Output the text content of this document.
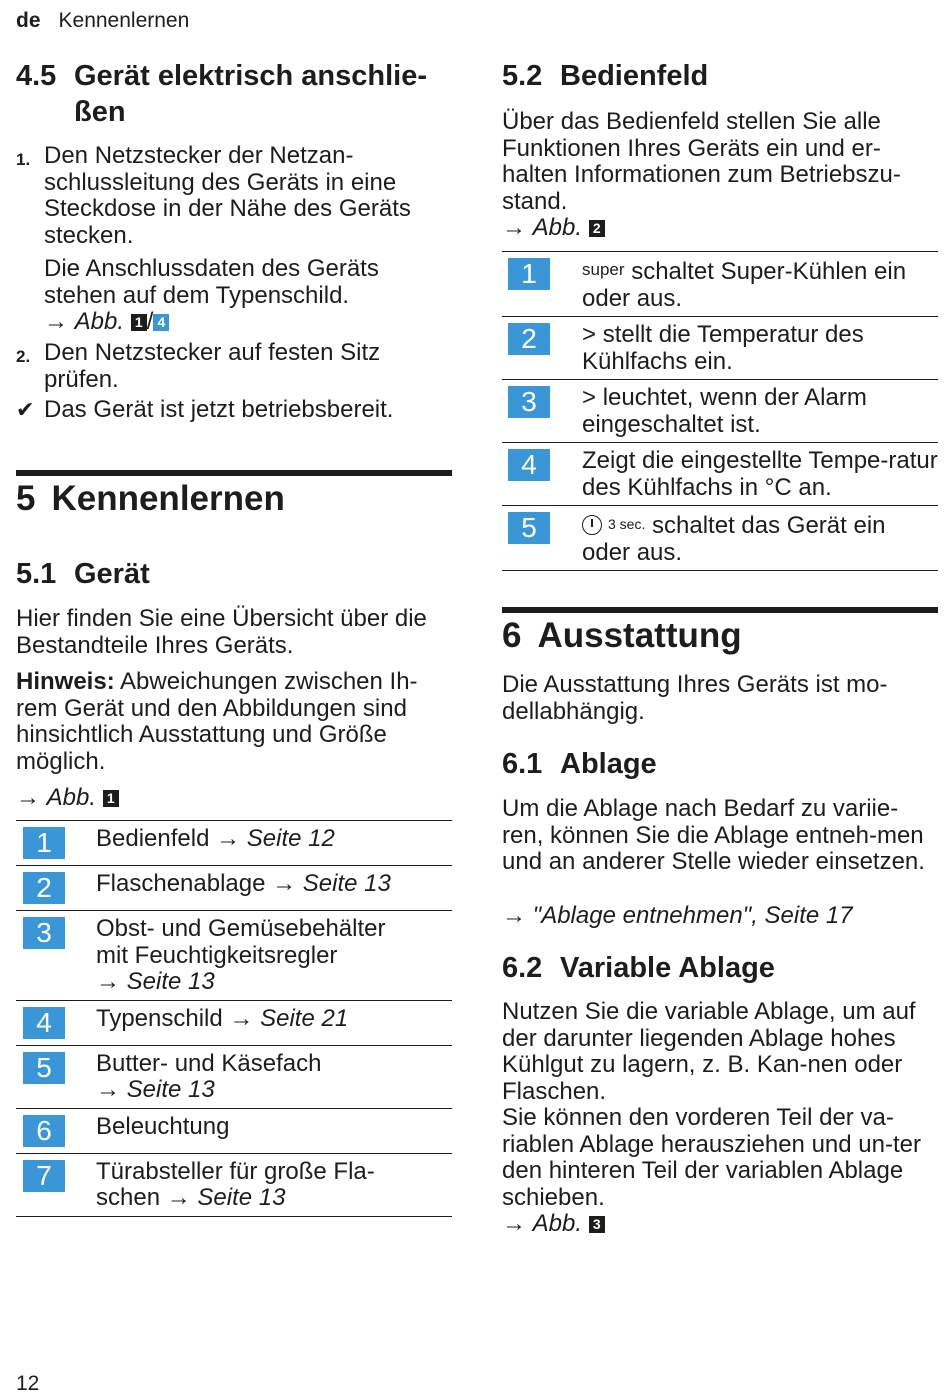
de Kennenlernen
4.5 Gerät elektrisch anschlie-
ßen
1. Den Netzstecker der Netzan-schlussleitung des Geräts in eine Steckdose in der Nähe des Geräts stecken.
Die Anschlussdaten des Geräts stehen auf dem Typenschild.
→ Abb. 1 / 4
2. Den Netzstecker auf festen Sitz prüfen.
✔ Das Gerät ist jetzt betriebsbereit.
5 Kennenlernen
5.1 Gerät

Hier finden Sie eine Übersicht über die Bestandteile Ihres Geräts.

Hinweis: Abweichungen zwischen Ih-rem Gerät und den Abbildungen sind hinsichtlich Ausstattung und Größe möglich.

→ Abb. 1

1	Bedienfeld → Seite 12

2	Flaschenablage → Seite 13

3	Obst- und Gemüsebehälter mit Feuchtigkeitsregler
→ Seite 13

4	Typenschild → Seite 21

5	Butter- und Käsefach
→ Seite 13

6	Beleuchtung

7	Türabsteller für große Fla-schen → Seite 13
5.2 Bedienfeld

Über das Bedienfeld stellen Sie alle Funktionen Ihres Geräts ein und er-halten Informationen zum Betriebszu-stand.

→ Abb. 2

1	$^{super}$ schaltet Super-Kühlen ein oder aus.

2	> stellt die Temperatur des Kühlfachs ein.

3	> leuchtet, wenn der Alarm eingeschaltet ist.

4	Zeigt die eingestellte Tempe-ratur des Kühlfachs in °C an.

5	3 sec. schaltet das Gerät ein oder aus.
6 Ausstattung

Die Ausstattung Ihres Geräts ist mo-dellabhängig.

6.1 Ablage

Um die Ablage nach Bedarf zu variie-ren, können Sie die Ablage entneh-men und an anderer Stelle wieder einsetzen.

→ "Ablage entnehmen", Seite 17

6.2 Variable Ablage

Nutzen Sie die variable Ablage, um auf der darunter liegenden Ablage hohes Kühlgut zu lagern, z. B. Kan-nen oder Flaschen.

Sie können den vorderen Teil der va-riablen Ablage herausziehen und un-ter den hinteren Teil der variablen Ablage schieben.

→ Abb. 3

12
